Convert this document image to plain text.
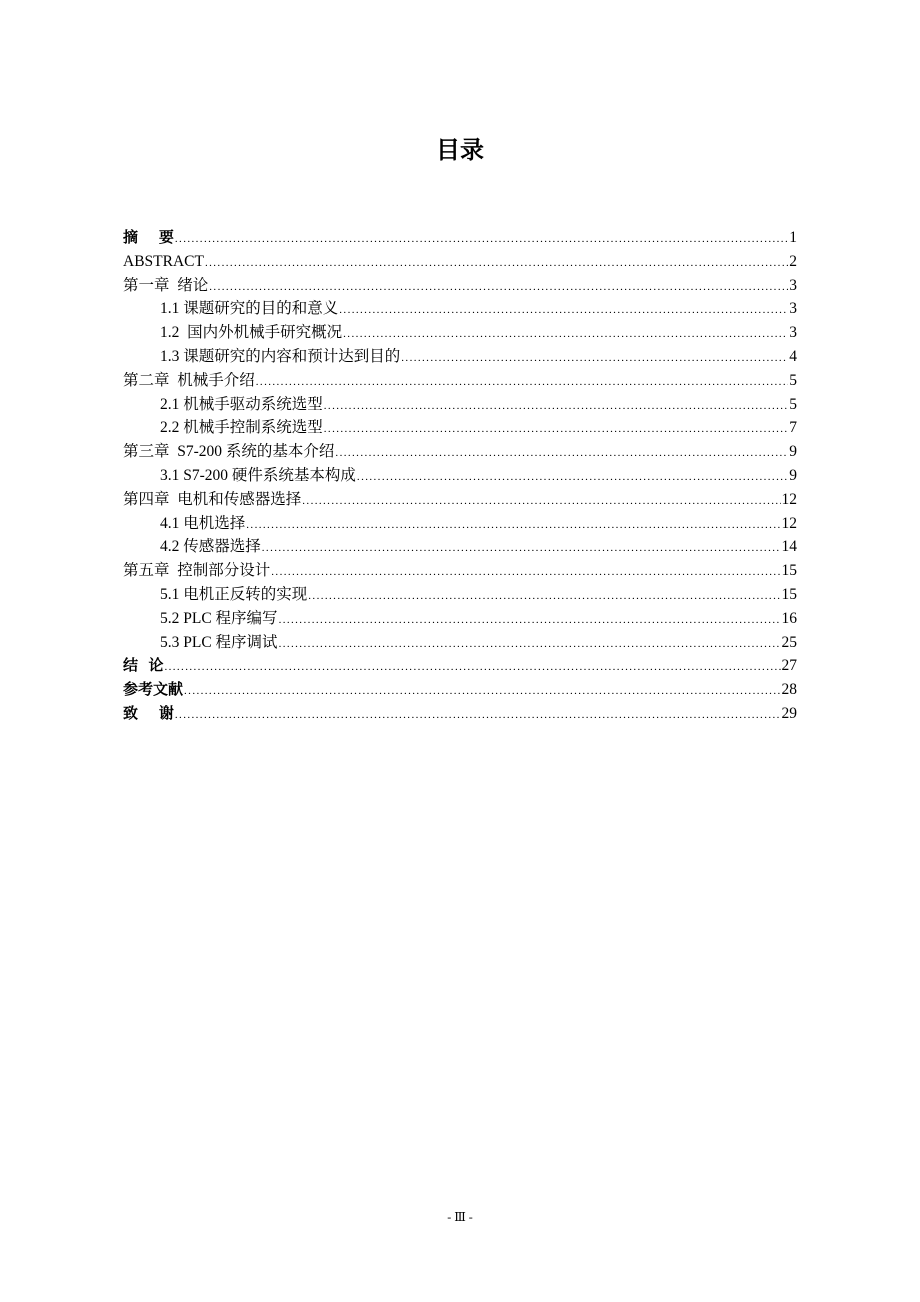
目录
摘    要 .....	1
ABSTRACT .....	2
第一章  绪论 .....	3
1.1 课题研究的目的和意义 .....	3
1.2  国内外机械手研究概况 .....	3
1.3 课题研究的内容和预计达到目的 .....	4
第二章  机械手介绍 .....	5
2.1 机械手驱动系统选型 .....	5
2.2 机械手控制系统选型 .....	7
第三章  S7-200 系统的基本介绍 .....	9
3.1 S7-200 硬件系统基本构成 .....	9
第四章  电机和传感器选择 .....	12
4.1 电机选择 .....	12
4.2 传感器选择 .....	14
第五章  控制部分设计 .....	15
5.1 电机正反转的实现 .....	15
5.2 PLC 程序编写 .....	16
5.3 PLC 程序调试 .....	25
结  论 .....	27
参考文献 .....	28
致    谢 .....	29
- Ⅲ -
